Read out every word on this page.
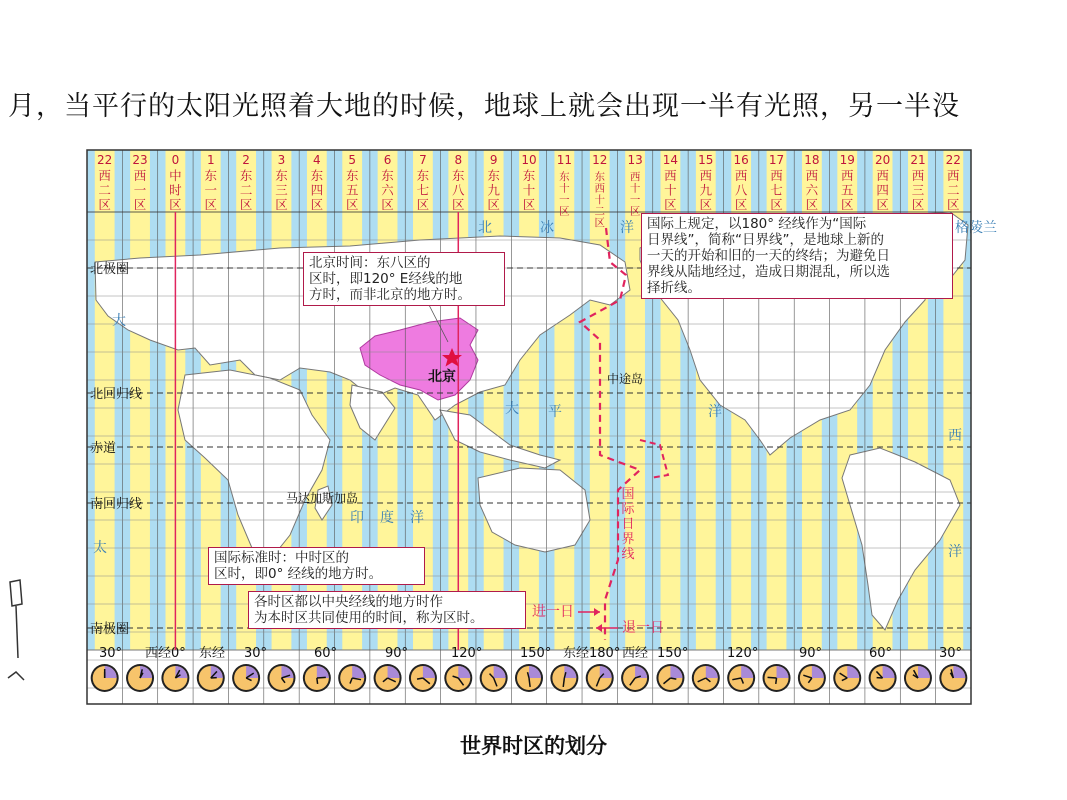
月，当平行的太阳光照着大地的时候，地球上就会出现一半有光照，另一半没
22
西
二
区
23
西
一
区
0
中
时
区
1
东
一
区
2
东
二
区
3
东
三
区
4
东
四
区
5
东
五
区
6
东
六
区
7
东
七
区
8
东
八
区
9
东
九
区
10
东
十
区
11
东
十
一
区
12
东
西
十
二
区
13
西
十
一
区
14
西
十
区
15
西
九
区
16
西
八
区
17
西
七
区
18
西
六
区
19
西
五
区
20
西
四
区
21
西
三
区
22
西
二
区
北极圈
北回归线
赤道
南回归线
南极圈
30° 西经0° 东经 30°	60°	90°	120°	150° 东经180° 西经 150°	120°	90°	60°	30°
国
际
日
界
线
进一日
退一日
北京	中途岛
马达加斯加岛
北	冰	洋
大
平	洋
大
印 度 洋
西
洋
太
格陵兰
北京时间：东八区的
区时，即120° E经线的地
方时，而非北京的地方时。
国际上规定，以180° 经线作为“国际
日界线”，简称“日界线”，是地球上新的
一天的开始和旧的一天的终结；为避免日
界线从陆地经过，造成日期混乱，所以选
择折线。
国际标准时：中时区的
区时，即0° 经线的地方时。
各时区都以中央经线的地方时作
为本时区共同使用的时间，称为区时。
世界时区的划分
